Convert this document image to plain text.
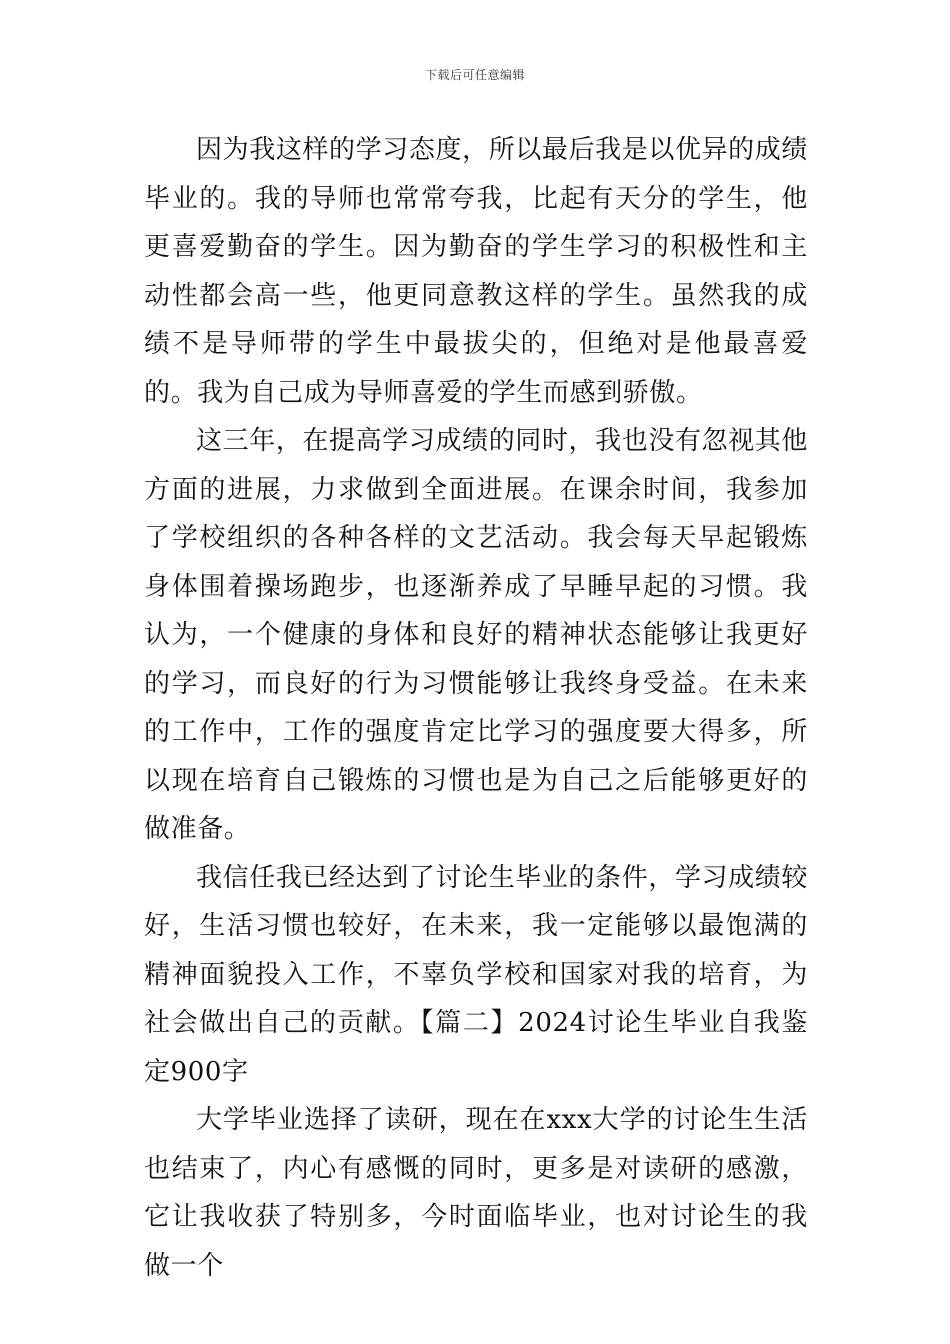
下载后可任意编辑

因为我这样的学习态度，所以最后我是以优异的成绩毕业的。我的导师也常常夸我，比起有天分的学生，他更喜爱勤奋的学生。因为勤奋的学生学习的积极性和主动性都会高一些，他更同意教这样的学生。虽然我的成绩不是导师带的学生中最拔尖的，但绝对是他最喜爱的。我为自己成为导师喜爱的学生而感到骄傲。

这三年，在提高学习成绩的同时，我也没有忽视其他方面的进展，力求做到全面进展。在课余时间，我参加了学校组织的各种各样的文艺活动。我会每天早起锻炼身体围着操场跑步，也逐渐养成了早睡早起的习惯。我认为，一个健康的身体和良好的精神状态能够让我更好的学习，而良好的行为习惯能够让我终身受益。在未来的工作中，工作的强度肯定比学习的强度要大得多，所以现在培育自己锻炼的习惯也是为自己之后能够更好的做准备。

我信任我已经达到了讨论生毕业的条件，学习成绩较好，生活习惯也较好，在未来，我一定能够以最饱满的精神面貌投入工作，不辜负学校和国家对我的培育，为社会做出自己的贡献。【篇二】2024讨论生毕业自我鉴定900字

大学毕业选择了读研，现在在xxx大学的讨论生生活也结束了，内心有感慨的同时，更多是对读研的感激，它让我收获了特别多，今时面临毕业，也对讨论生的我做一个
